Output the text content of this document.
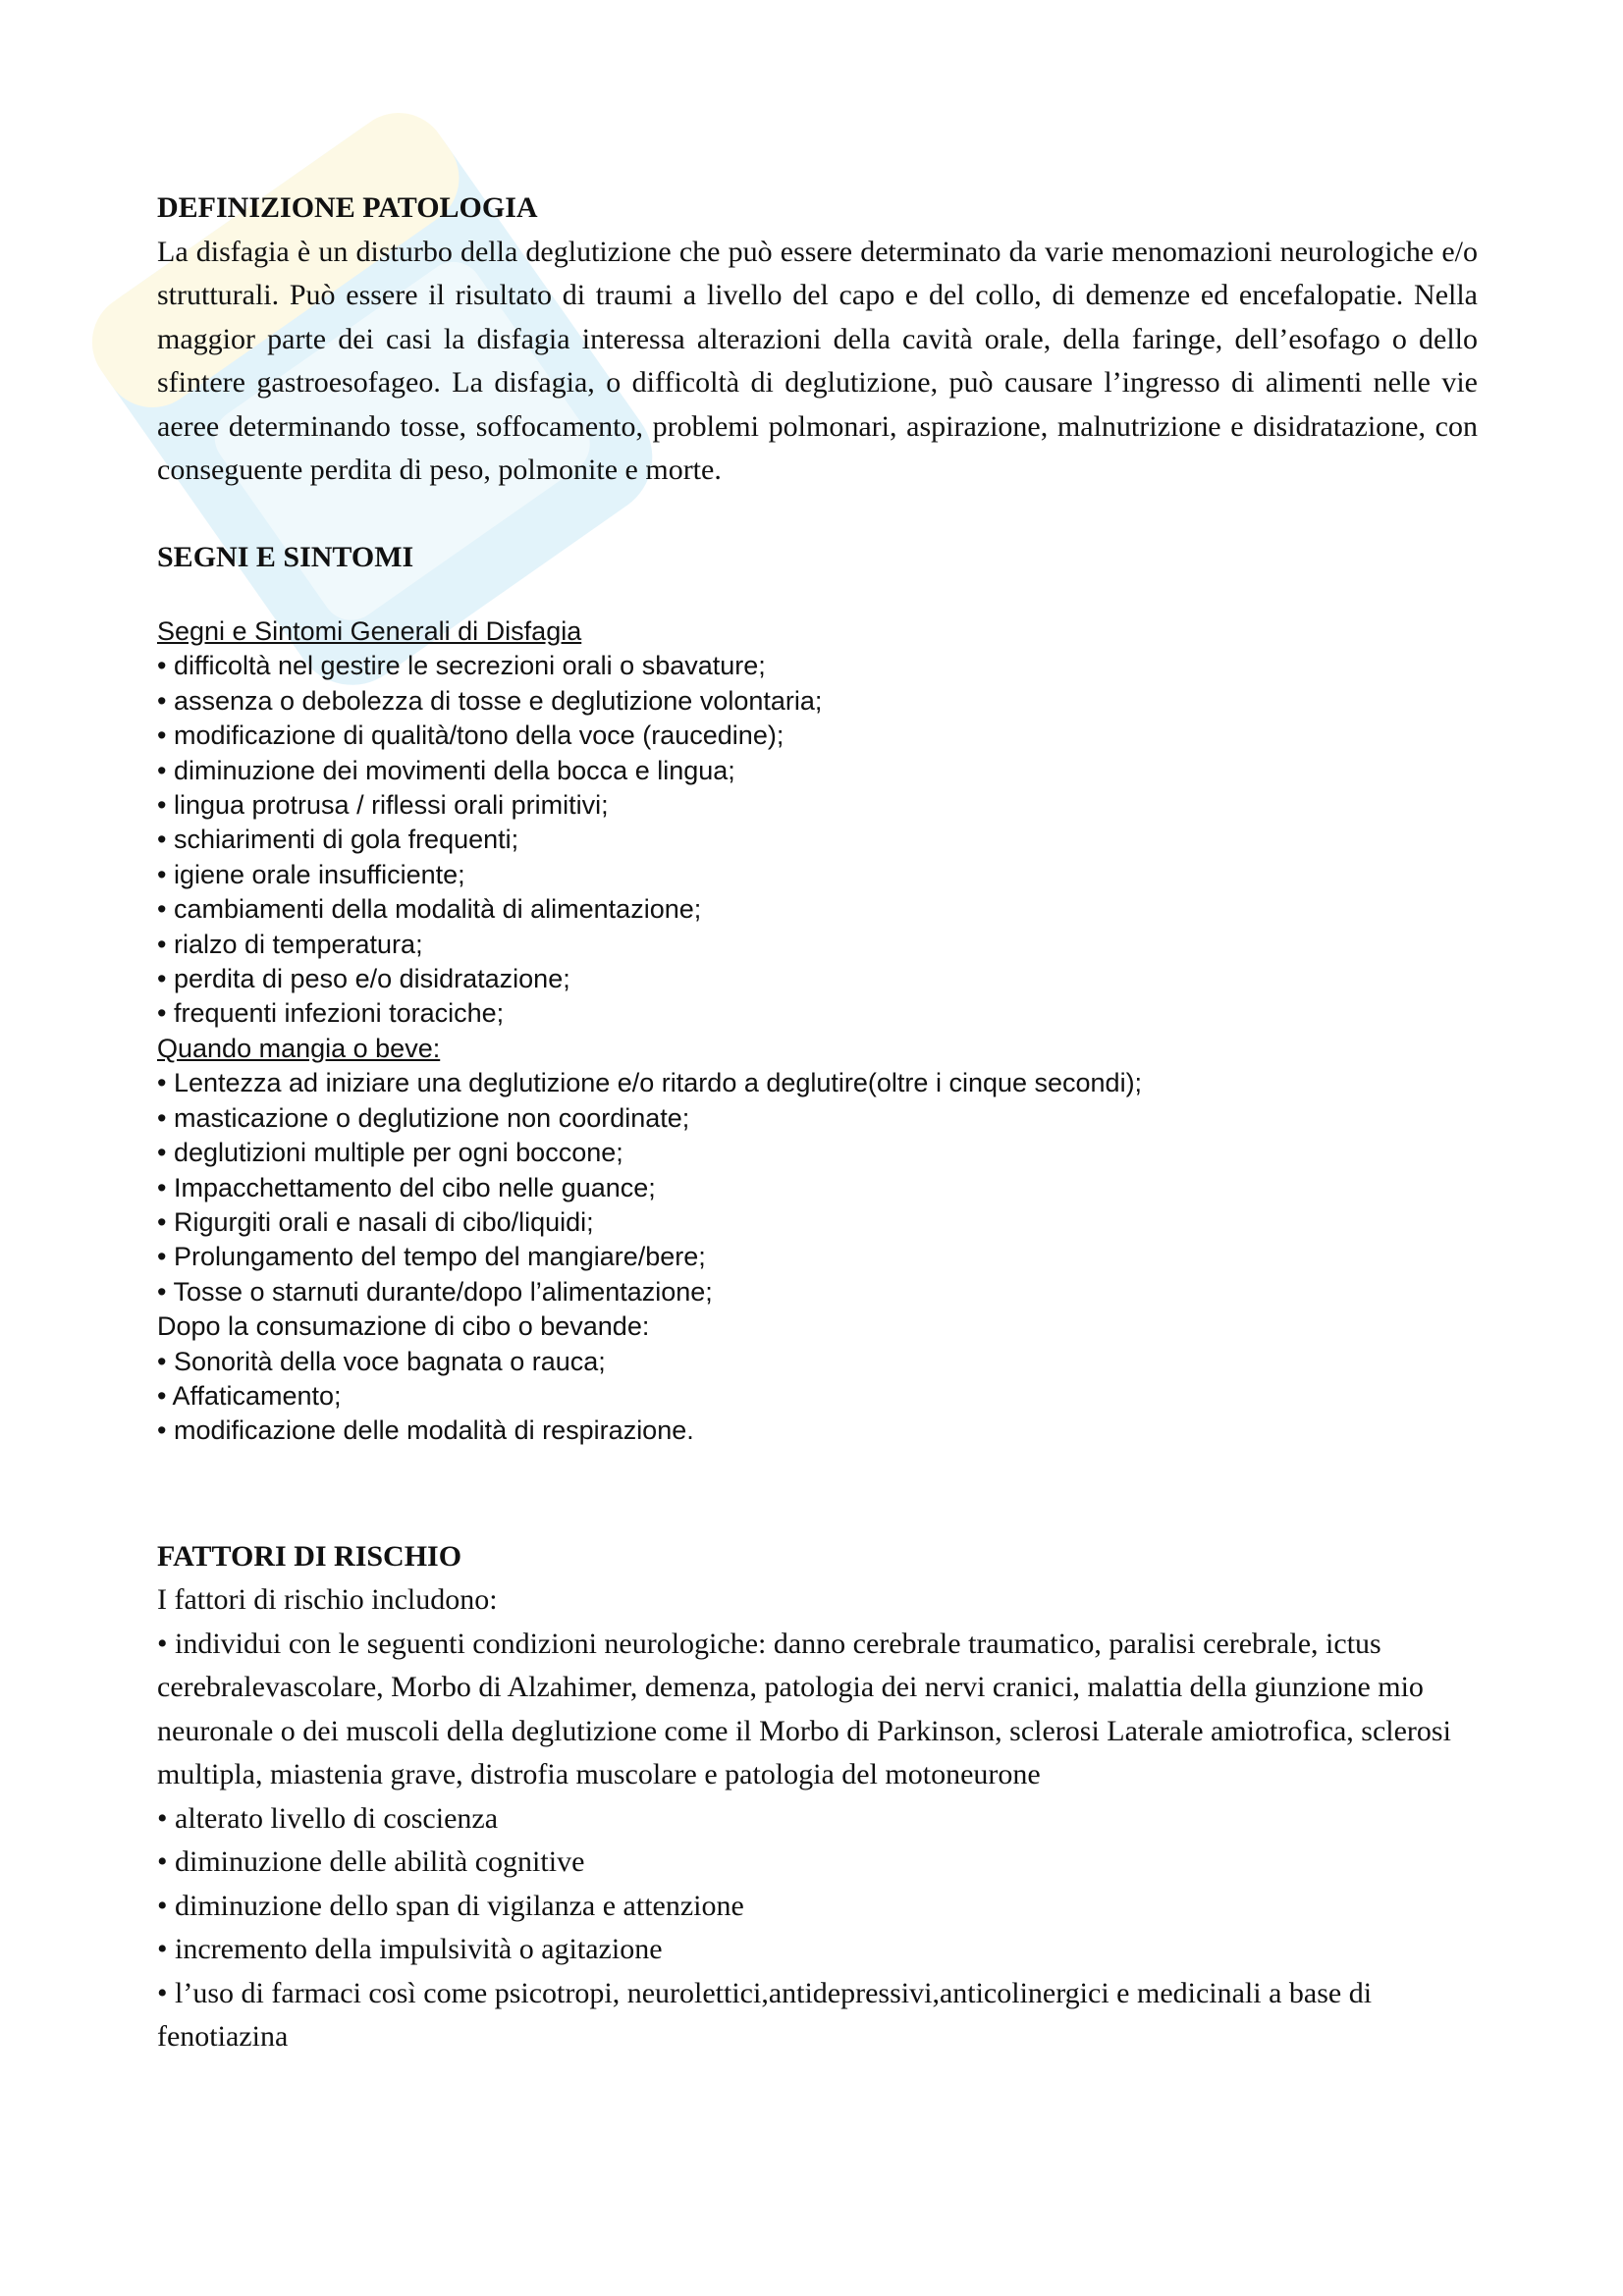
DEFINIZIONE PATOLOGIA

La disfagia è un disturbo della deglutizione che può essere determinato da varie menomazioni neurologiche e/o strutturali. Può essere il risultato di traumi a livello del capo e del collo, di demenze ed encefalopatie. Nella maggior parte dei casi la disfagia interessa alterazioni della cavità orale, della faringe, dell’esofago o dello sfintere gastroesofageo. La disfagia, o difficoltà di deglutizione, può causare l’ingresso di alimenti nelle vie aeree determinando tosse, soffocamento, problemi polmonari, aspirazione, malnutrizione e disidratazione, con conseguente perdita di peso, polmonite e morte.

SEGNI E SINTOMI

Segni e Sintomi Generali di Disfagia

• difficoltà nel gestire le secrezioni orali o sbavature;
• assenza o debolezza di tosse e deglutizione volontaria;
• modificazione di qualità/tono della voce (raucedine);
• diminuzione dei movimenti della bocca e lingua;
• lingua protrusa / riflessi orali primitivi;
• schiarimenti di gola frequenti;
• igiene orale insufficiente;
• cambiamenti della modalità di alimentazione;
• rialzo di temperatura;
• perdita di peso e/o disidratazione;
• frequenti infezioni toraciche;

Quando mangia o beve:

• Lentezza ad iniziare una deglutizione e/o ritardo a deglutire(oltre i cinque secondi);
• masticazione o deglutizione non coordinate;
• deglutizioni multiple per ogni boccone;
• Impacchettamento del cibo nelle guance;
• Rigurgiti orali e nasali di cibo/liquidi;
• Prolungamento del tempo del mangiare/bere;
• Tosse o starnuti durante/dopo l’alimentazione;

Dopo la consumazione di cibo o bevande:

• Sonorità della voce bagnata o rauca;
• Affaticamento;
• modificazione delle modalità di respirazione.

FATTORI DI RISCHIO

I fattori di rischio includono:

• individui con le seguenti condizioni neurologiche: danno cerebrale traumatico, paralisi cerebrale, ictus cerebralevascolare, Morbo di Alzahimer, demenza, patologia dei nervi cranici, malattia della giunzione mio neuronale o dei muscoli della deglutizione come il Morbo di Parkinson, sclerosi Laterale amiotrofica, sclerosi multipla, miastenia grave, distrofia muscolare e patologia del motoneurone
• alterato livello di coscienza
• diminuzione delle abilità cognitive
• diminuzione dello span di vigilanza e attenzione
• incremento della impulsività o agitazione
• l’uso di farmaci così come psicotropi, neurolettici,antidepressivi,anticolinergici e medicinali a base di fenotiazina
